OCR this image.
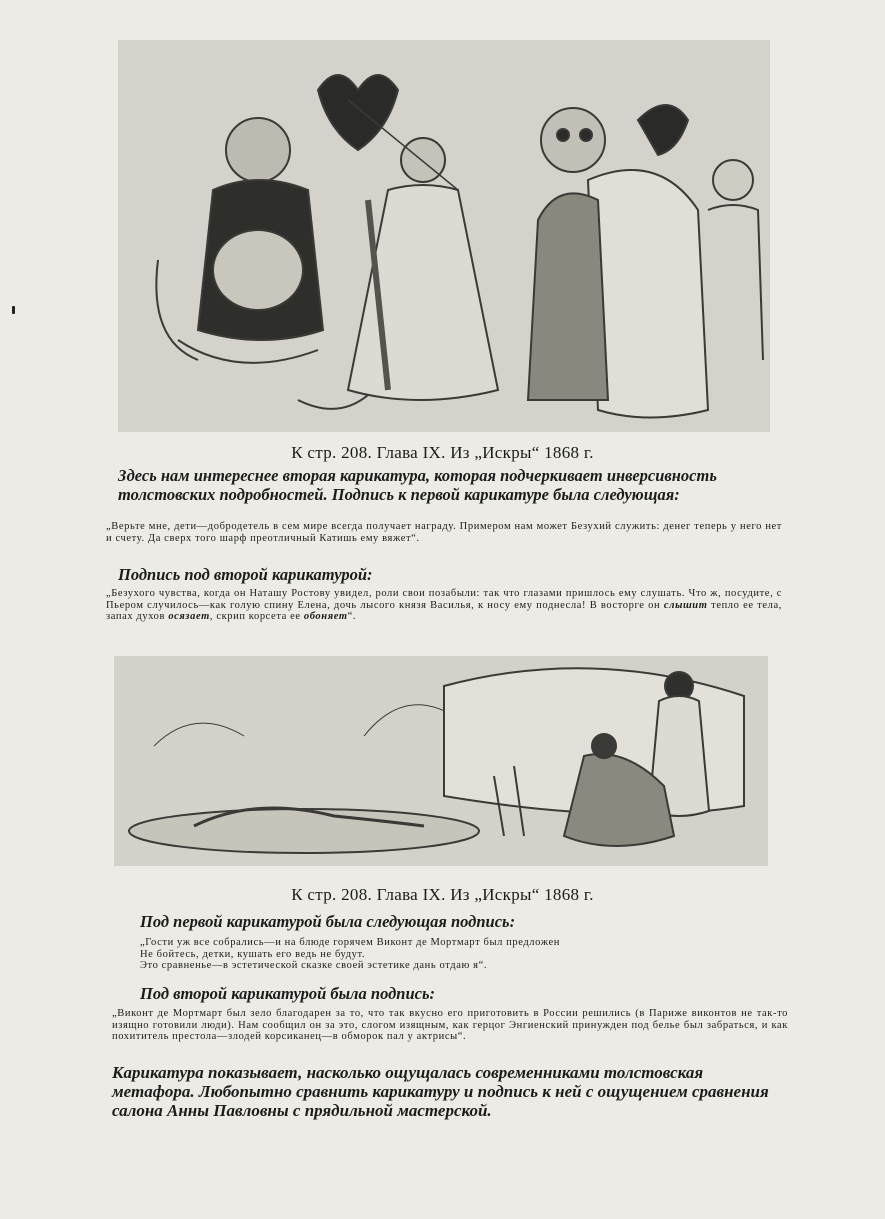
К стр. 208. Глава IX. Из „Искры“ 1868 г.
Здесь нам интереснее вторая карикатура, которая подчеркивает инверсивность толстовских подробностей. Подпись к первой карикатуре была следующая:

„Верьте мне, дети—добродетель в сем мире всегда получает награду. Примером нам может Безухий служить: денег теперь у него нет и счету. Да сверх того шарф преотличный Катишь ему вяжет“.

Подпись под второй карикатурой:

„Безухого чувства, когда он Наташу Ростову увидел, роли свои позабыли: так что глазами пришлось ему слушать. Что ж, посудите, с Пьером случилось—как голую спину Елена, дочь лысого князя Василья, к носу ему поднесла! В восторге он слышит тепло ее тела, запах духов осязает, скрип корсета ее обоняет“.

К стр. 208. Глава IX. Из „Искры“ 1868 г.
Под первой карикатурой была следующая подпись:

„Гости уж все собрались—и на блюде горячем Виконт де Мортмарт был предложен

Не бойтесь, детки, кушать его ведь не будут.

Это сравненье—в эстетической сказке своей эстетике дань отдаю я“.

Под второй карикатурой была подпись:

„Виконт де Мортмарт был зело благодарен за то, что так вкусно его приготовить в России решились (в Париже виконтов не так-то изящно готовили люди). Нам сообщил он за это, слогом изящным, как герцог Энгиенский принужден под белье был забраться, и как похититель престола—злодей корсиканец—в обморок пал у актрисы“.

Карикатура показывает, насколько ощущалась современниками толстовская метафора. Любопытно сравнить карикатуру и подпись к ней с ощущением сравнения салона Анны Павловны с прядильной мастерской.
